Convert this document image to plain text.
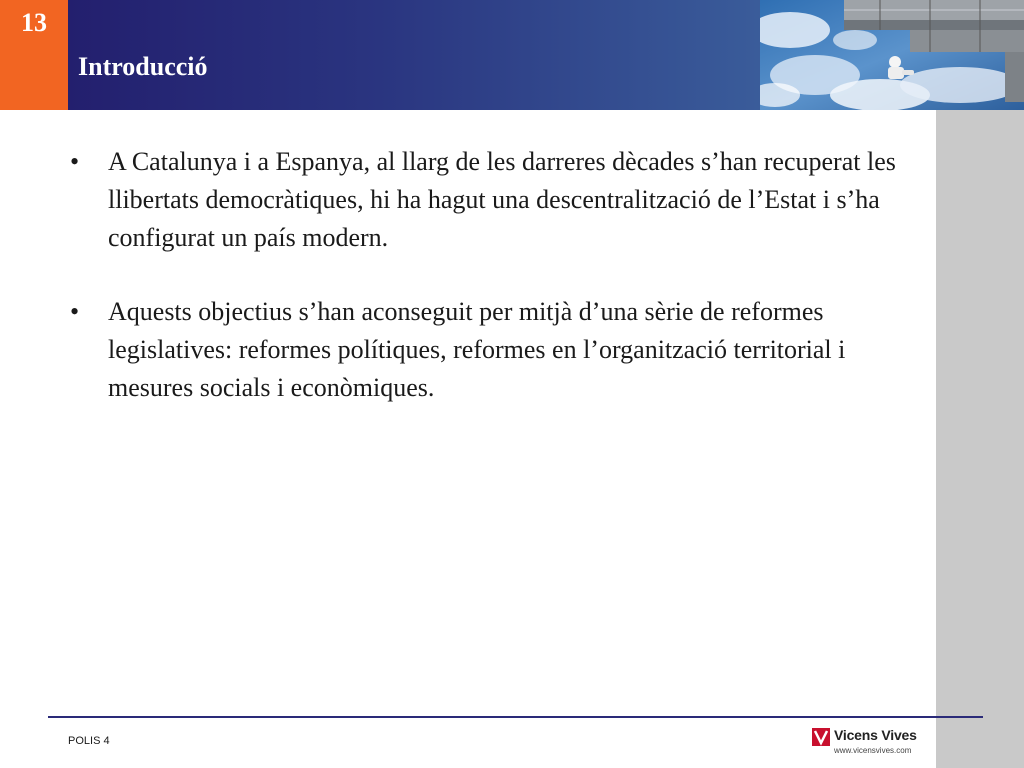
13
Introducció
•	A Catalunya i a Espanya, al llarg de les darreres dècades s’han recuperat les llibertats democràtiques, hi ha hagut una descentralització de l’Estat i s’ha configurat un país modern.
•	Aquests objectius s’han aconseguit per mitjà d’una sèrie de reformes legislatives: reformes polítiques, reformes en l’organització territorial i mesures socials i econòmiques.
POLIS 4	Vicens Vives
www.vicensvives.com
